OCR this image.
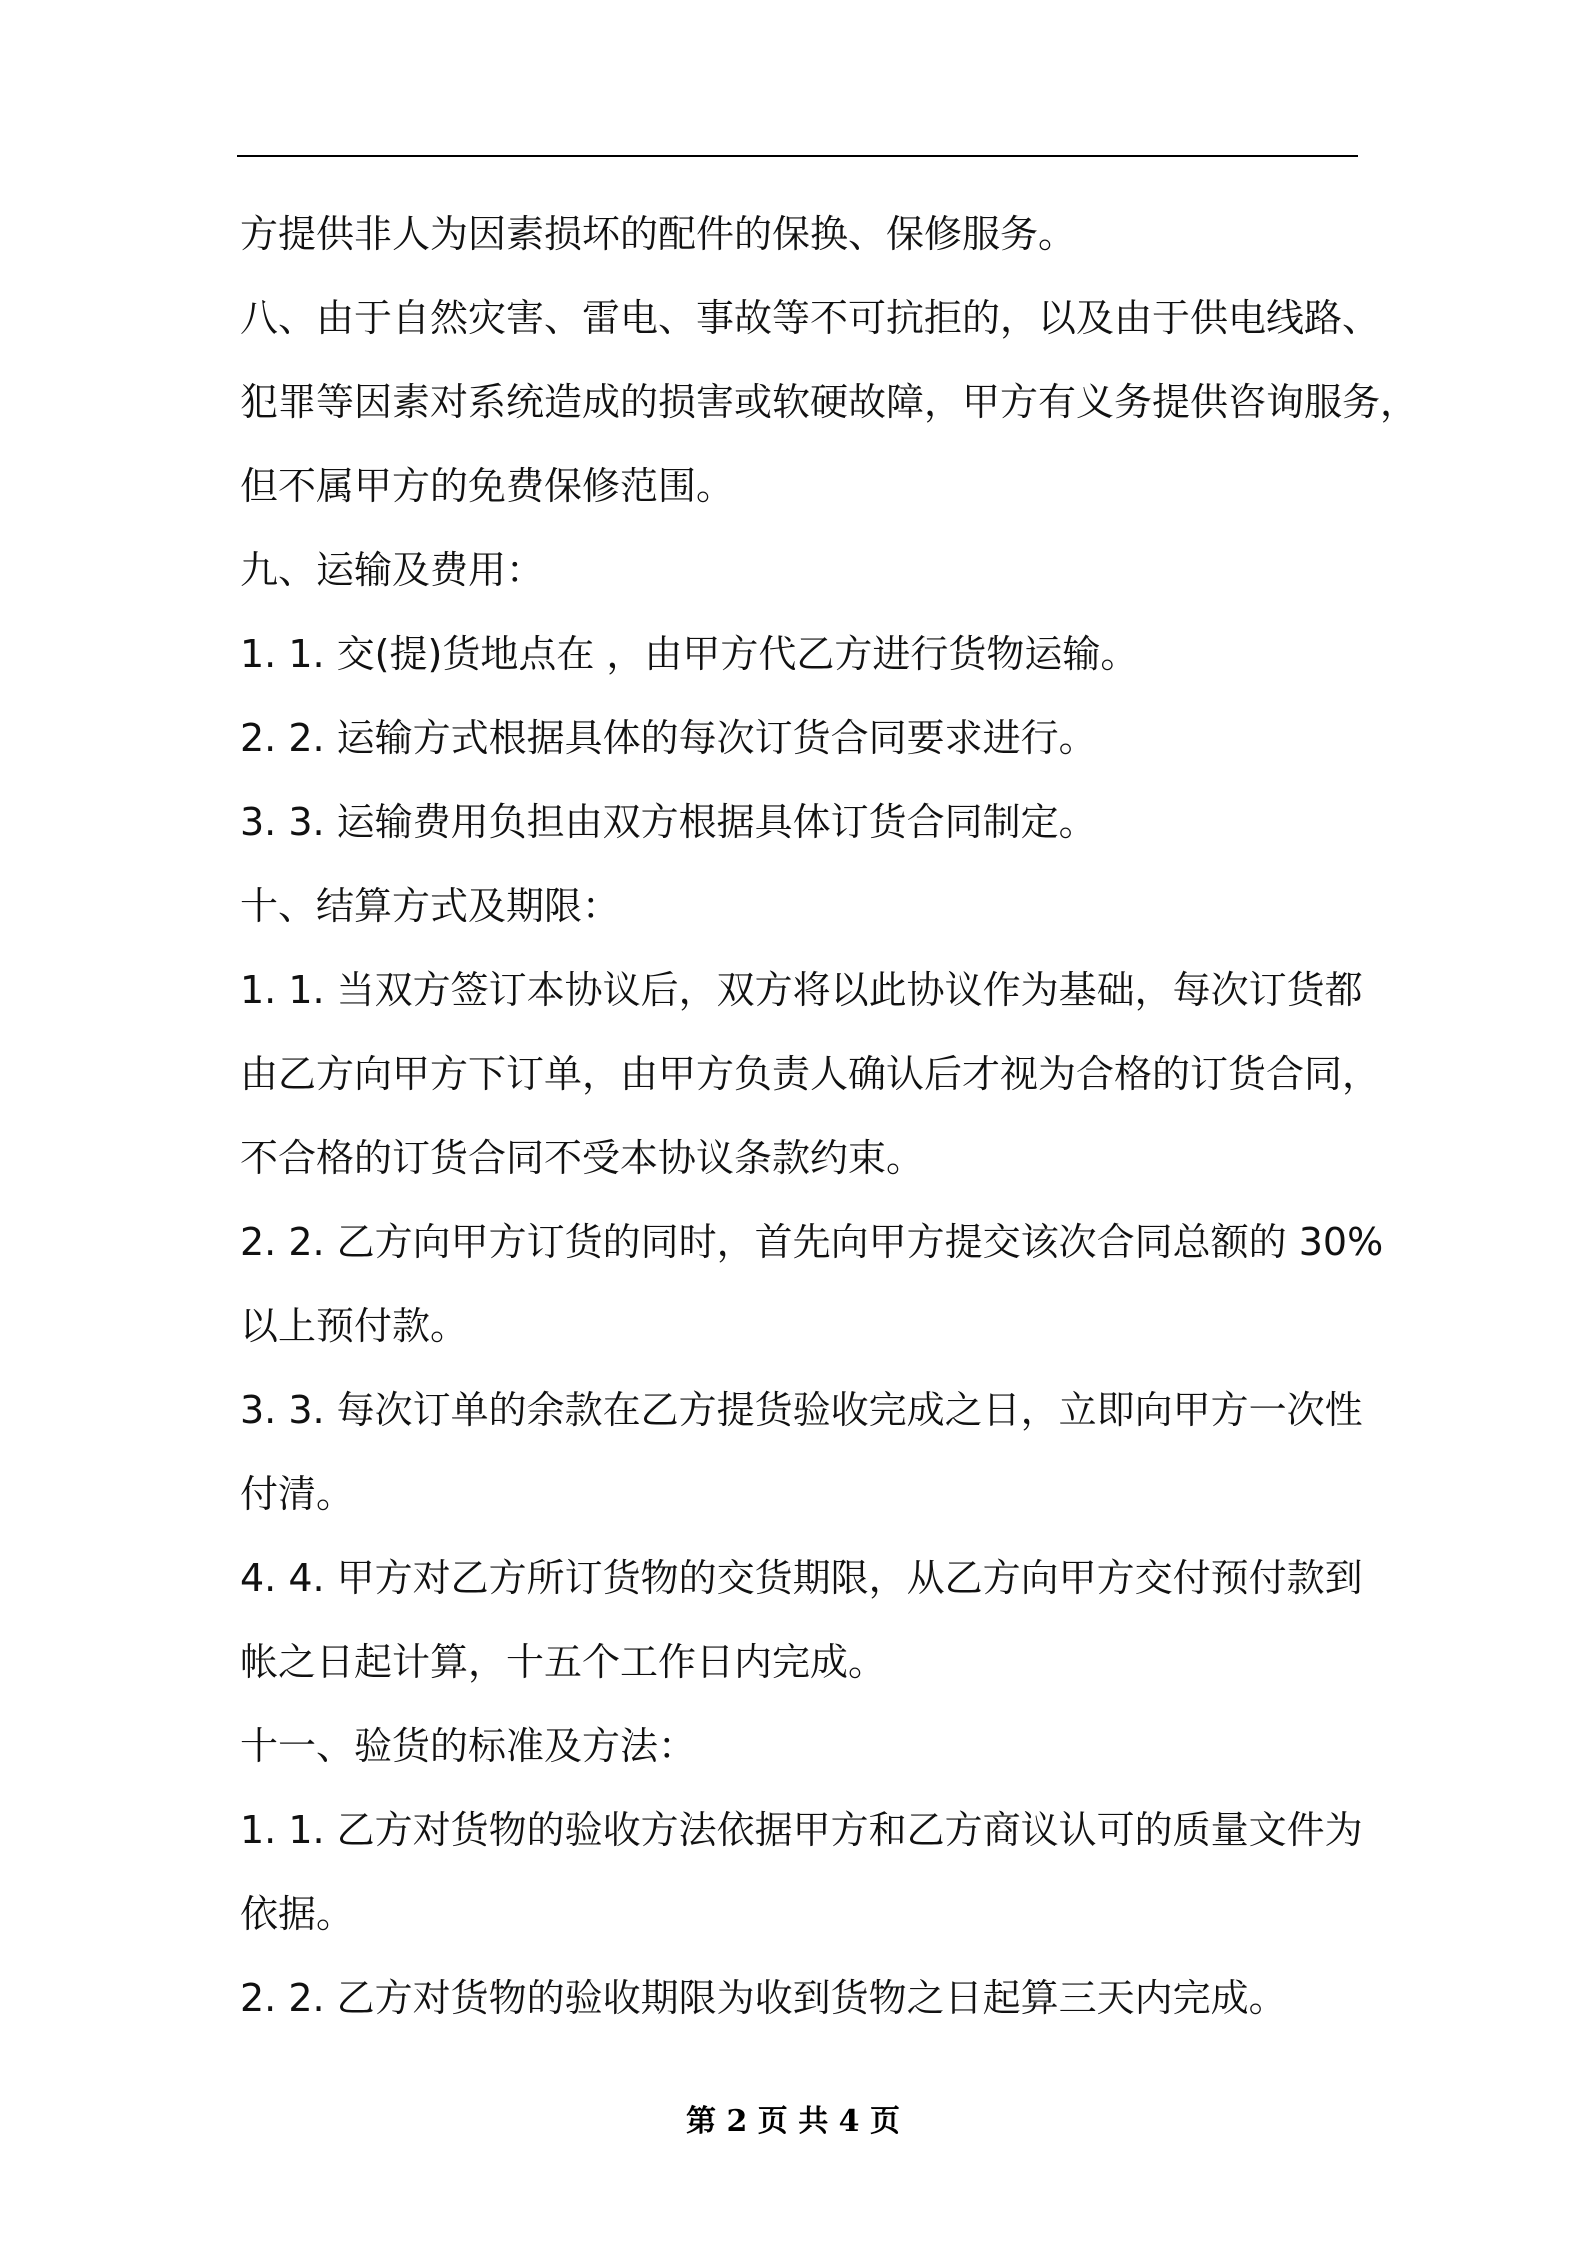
方提供非人为因素损坏的配件的保换、保修服务。
八、由于自然灾害、雷电、事故等不可抗拒的，以及由于供电线路、
犯罪等因素对系统造成的损害或软硬故障，甲方有义务提供咨询服务，
但不属甲方的免费保修范围。
九、运输及费用：
1. 1. 交(提)货地点在 ，由甲方代乙方进行货物运输。
2. 2. 运输方式根据具体的每次订货合同要求进行。
3. 3. 运输费用负担由双方根据具体订货合同制定。
十、结算方式及期限：
1. 1. 当双方签订本协议后，双方将以此协议作为基础，每次订货都
由乙方向甲方下订单，由甲方负责人确认后才视为合格的订货合同，
不合格的订货合同不受本协议条款约束。
2. 2. 乙方向甲方订货的同时，首先向甲方提交该次合同总额的 30%
以上预付款。
3. 3. 每次订单的余款在乙方提货验收完成之日，立即向甲方一次性
付清。
4. 4. 甲方对乙方所订货物的交货期限，从乙方向甲方交付预付款到
帐之日起计算，十五个工作日内完成。
十一、验货的标准及方法：
1. 1. 乙方对货物的验收方法依据甲方和乙方商议认可的质量文件为
依据。
2. 2. 乙方对货物的验收期限为收到货物之日起算三天内完成。
第 2 页 共 4 页
